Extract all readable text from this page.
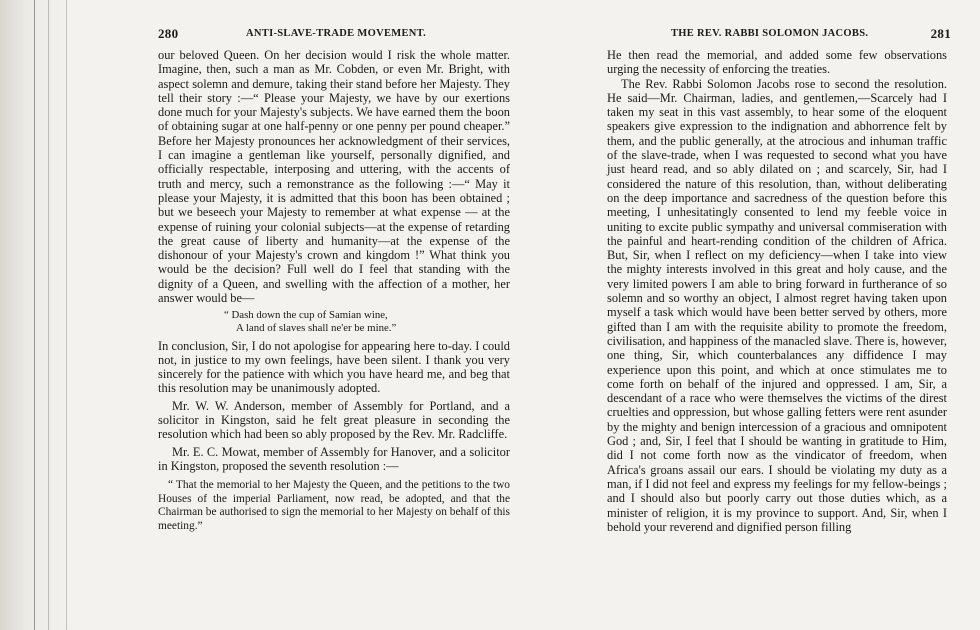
280	ANTI-SLAVE-TRADE MOVEMENT.

our beloved Queen. On her decision would I risk the whole matter. Imagine, then, such a man as Mr. Cobden, or even Mr. Bright, with aspect solemn and demure, taking their stand before her Majesty. They tell their story :—“ Please your Majesty, we have by our exertions done much for your Majesty's subjects. We have earned them the boon of obtaining sugar at one half-penny or one penny per pound cheaper.” Before her Majesty pronounces her acknowledgment of their services, I can imagine a gentleman like yourself, personally dignified, and officially respectable, interposing and uttering, with the accents of truth and mercy, such a remonstrance as the following :—“ May it please your Majesty, it is admitted that this boon has been obtained ; but we beseech your Majesty to remember at what expense — at the expense of ruining your colonial subjects—at the expense of retarding the great cause of liberty and humanity—at the expense of the dishonour of your Majesty's crown and kingdom !” What think you would be the decision? Full well do I feel that standing with the dignity of a Queen, and swelling with the affection of a mother, her answer would be—

“ Dash down the cup of Samian wine,
A land of slaves shall ne'er be mine.”

In conclusion, Sir, I do not apologise for appearing here to-day. I could not, in justice to my own feelings, have been silent. I thank you very sincerely for the patience with which you have heard me, and beg that this resolution may be unanimously adopted.

Mr. W. W. Anderson, member of Assembly for Portland, and a solicitor in Kingston, said he felt great pleasure in seconding the resolution which had been so ably proposed by the Rev. Mr. Radcliffe.

Mr. E. C. Mowat, member of Assembly for Hanover, and a solicitor in Kingston, proposed the seventh resolution :—

“ That the memorial to her Majesty the Queen, and the petitions to the two Houses of the imperial Parliament, now read, be adopted, and that the Chairman be authorised to sign the memorial to her Majesty on behalf of this meeting.”

THE REV. RABBI SOLOMON JACOBS.	281

He then read the memorial, and added some few observations urging the necessity of enforcing the treaties.

The Rev. Rabbi Solomon Jacobs rose to second the resolution. He said—Mr. Chairman, ladies, and gentlemen,—Scarcely had I taken my seat in this vast assembly, to hear some of the eloquent speakers give expression to the indignation and abhorrence felt by them, and the public generally, at the atrocious and inhuman traffic of the slave-trade, when I was requested to second what you have just heard read, and so ably dilated on ; and scarcely, Sir, had I considered the nature of this resolution, than, without deliberating on the deep importance and sacredness of the question before this meeting, I unhesitatingly consented to lend my feeble voice in uniting to excite public sympathy and universal commiseration with the painful and heart-rending condition of the children of Africa. But, Sir, when I reflect on my deficiency—when I take into view the mighty interests involved in this great and holy cause, and the very limited powers I am able to bring forward in furtherance of so solemn and so worthy an object, I almost regret having taken upon myself a task which would have been better served by others, more gifted than I am with the requisite ability to promote the freedom, civilisation, and happiness of the manacled slave. There is, however, one thing, Sir, which counterbalances any diffidence I may experience upon this point, and which at once stimulates me to come forth on behalf of the injured and oppressed. I am, Sir, a descendant of a race who were themselves the victims of the direst cruelties and oppression, but whose galling fetters were rent asunder by the mighty and benign intercession of a gracious and omnipotent God ; and, Sir, I feel that I should be wanting in gratitude to Him, did I not come forth now as the vindicator of freedom, when Africa's groans assail our ears. I should be violating my duty as a man, if I did not feel and express my feelings for my fellow-beings ; and I should also but poorly carry out those duties which, as a minister of religion, it is my province to support. And, Sir, when I behold your reverend and dignified person filling
